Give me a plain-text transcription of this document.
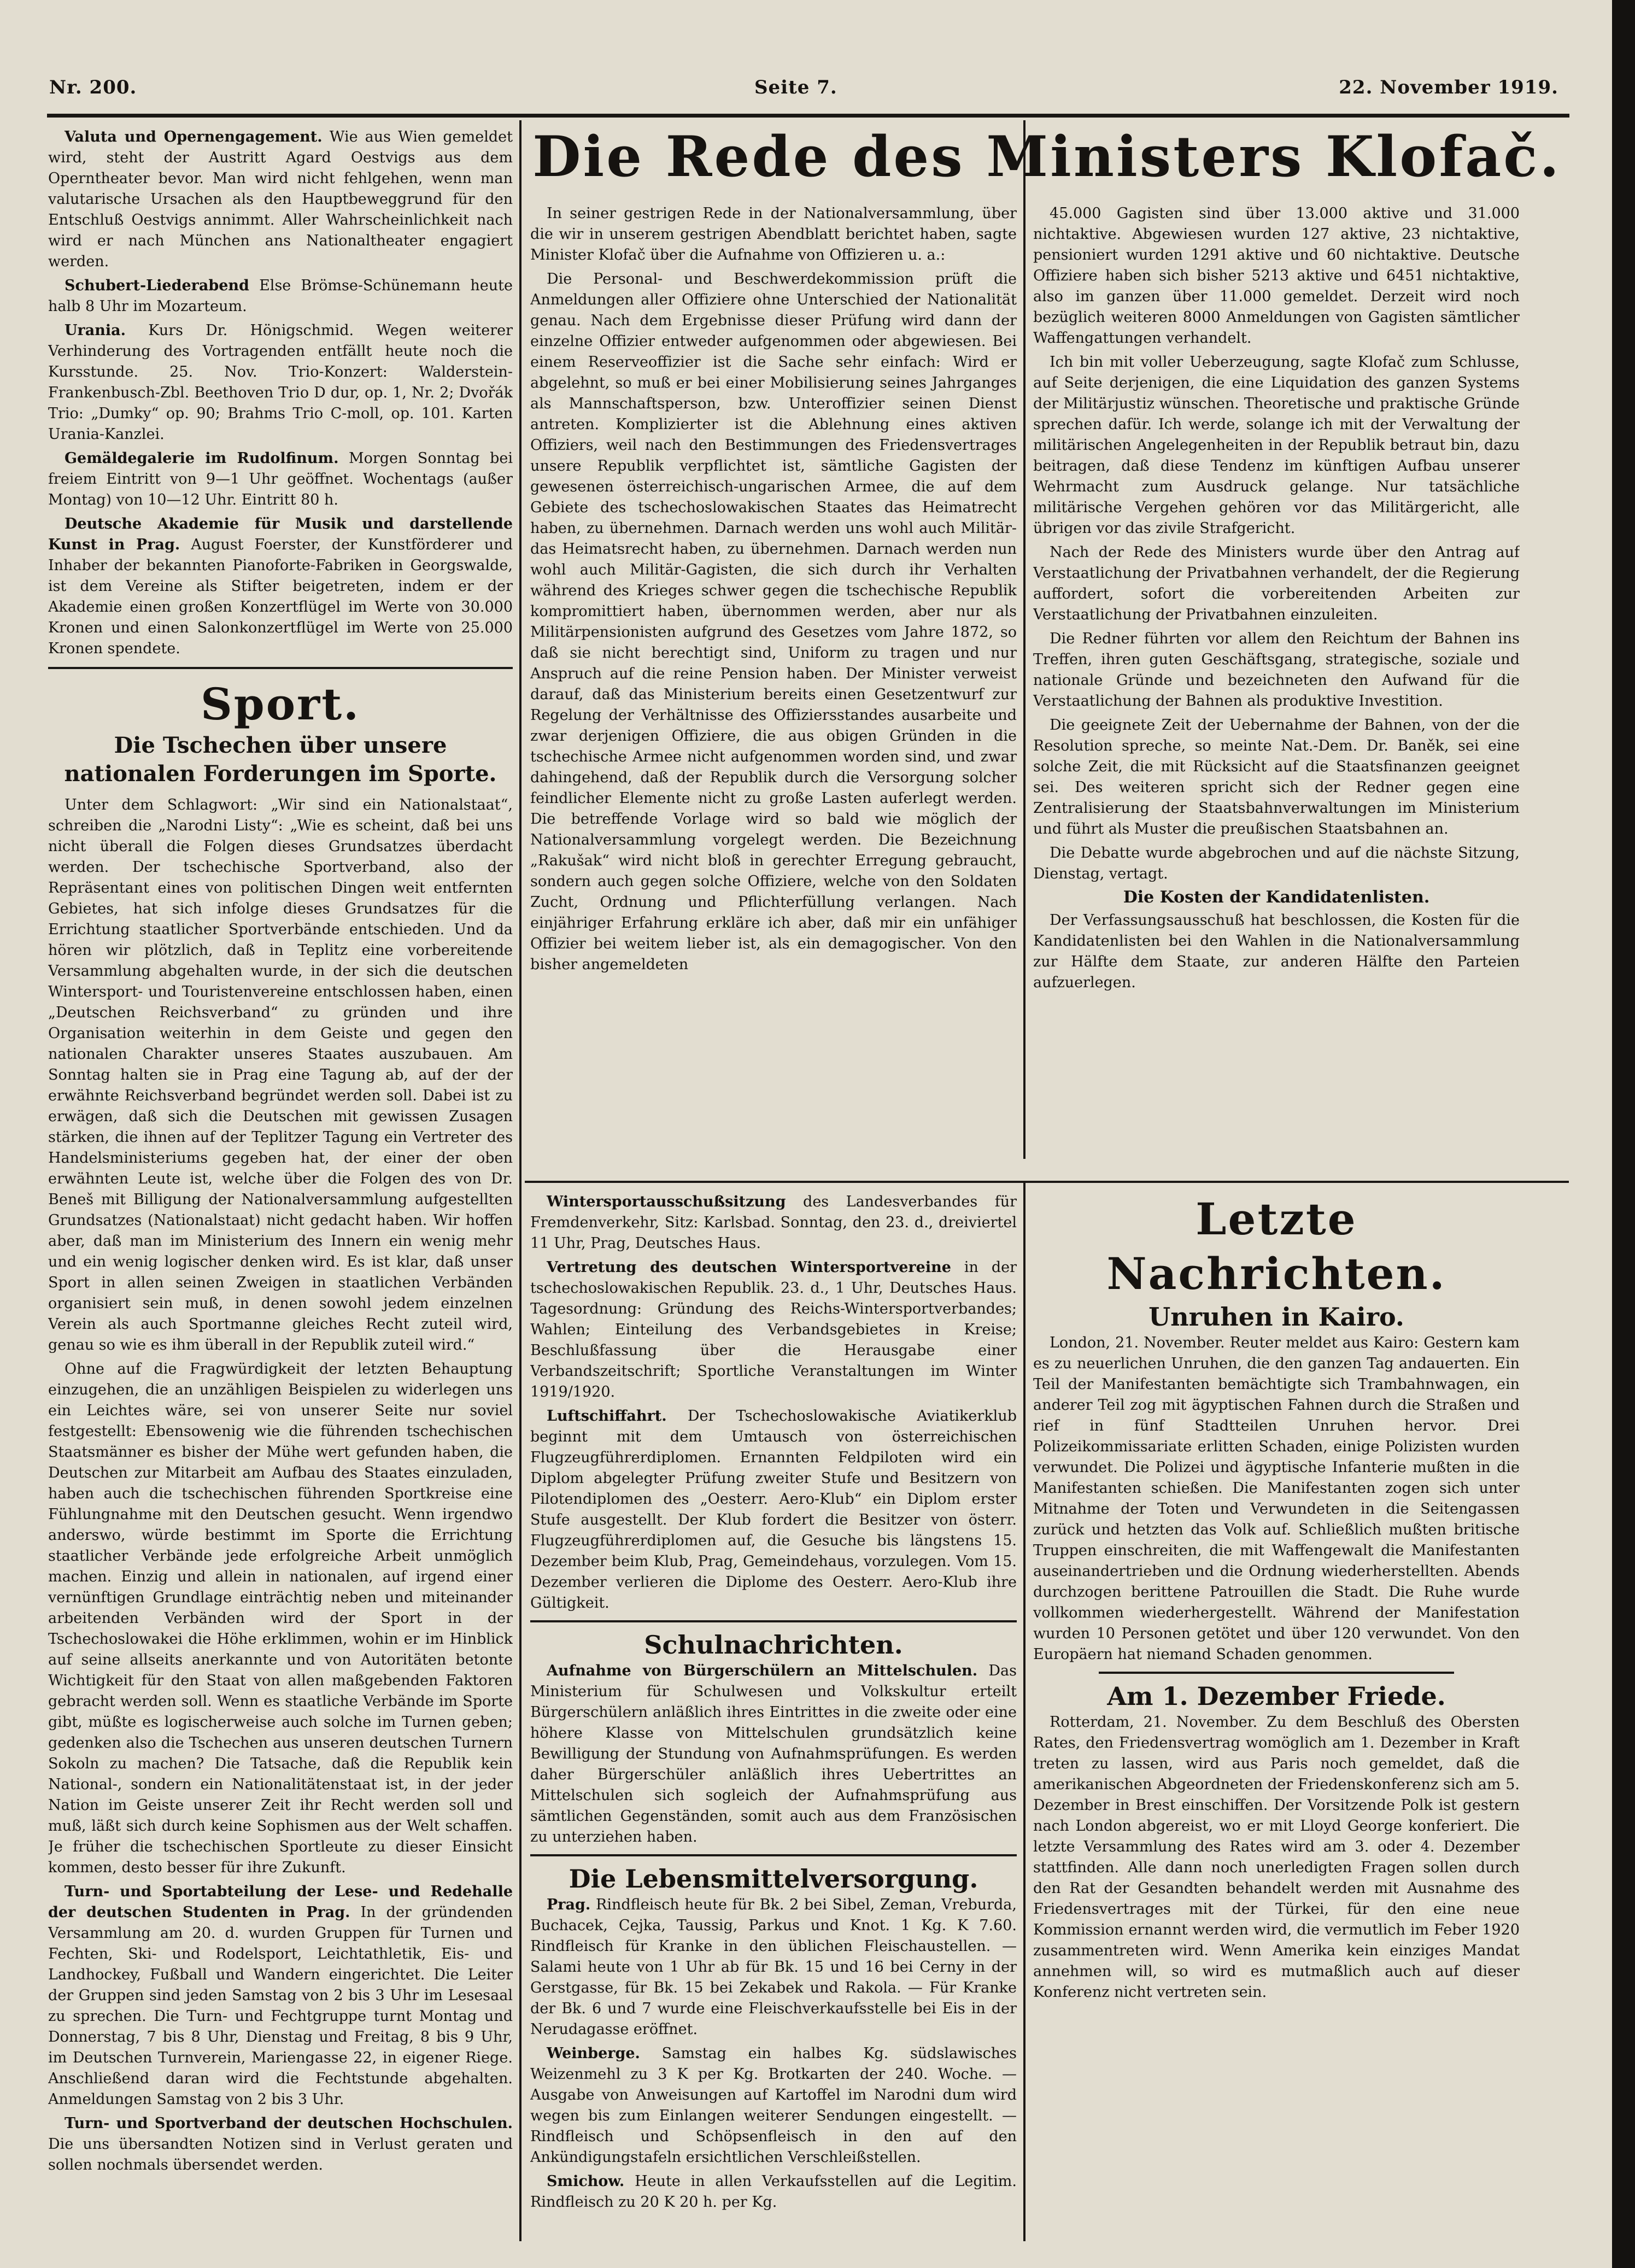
Nr. 200.	Seite 7.	22. November 1919.

Valuta und Opernengagement. Wie aus Wien gemeldet wird, steht der Austritt Agard Oestvigs aus dem Operntheater bevor. Man wird nicht fehlgehen, wenn man valutarische Ursachen als den Hauptbeweggrund für den Entschluß Oestvigs annimmt. Aller Wahrscheinlichkeit nach wird er nach München ans Nationaltheater engagiert werden.

Schubert-Liederabend Else Brömse-Schünemann heute halb 8 Uhr im Mozarteum.

Urania. Kurs Dr. Hönigschmid. Wegen weiterer Verhinderung des Vortragenden entfällt heute noch die Kursstunde. 25. Nov. Trio-Konzert: Walderstein-Frankenbusch-Zbl. Beethoven Trio D dur, op. 1, Nr. 2; Dvořák Trio: „Dumky“ op. 90; Brahms Trio C-moll, op. 101. Karten Urania-Kanzlei.

Gemäldegalerie im Rudolfinum. Morgen Sonntag bei freiem Eintritt von 9—1 Uhr geöffnet. Wochentags (außer Montag) von 10—12 Uhr. Eintritt 80 h.

Deutsche Akademie für Musik und darstellende Kunst in Prag. August Foerster, der Kunstförderer und Inhaber der bekannten Pianoforte-Fabriken in Georgswalde, ist dem Vereine als Stifter beigetreten, indem er der Akademie einen großen Konzertflügel im Werte von 30.000 Kronen und einen Salonkonzertflügel im Werte von 25.000 Kronen spendete.

Sport.
Die Tschechen über unsere nationalen Forderungen im Sporte.

Unter dem Schlagwort: „Wir sind ein Nationalstaat“, schreiben die „Narodni Listy“: „Wie es scheint, daß bei uns nicht überall die Folgen dieses Grundsatzes überdacht werden. Der tschechische Sportverband, also der Repräsentant eines von politischen Dingen weit entfernten Gebietes, hat sich infolge dieses Grundsatzes für die Errichtung staatlicher Sportverbände entschieden. Und da hören wir plötzlich, daß in Teplitz eine vorbereitende Versammlung abgehalten wurde, in der sich die deutschen Wintersport- und Touristenvereine entschlossen haben, einen „Deutschen Reichsverband“ zu gründen und ihre Organisation weiterhin in dem Geiste und gegen den nationalen Charakter unseres Staates auszubauen. Am Sonntag halten sie in Prag eine Tagung ab, auf der der erwähnte Reichsverband begründet werden soll. Dabei ist zu erwägen, daß sich die Deutschen mit gewissen Zusagen stärken, die ihnen auf der Teplitzer Tagung ein Vertreter des Handelsministeriums gegeben hat, der einer der oben erwähnten Leute ist, welche über die Folgen des von Dr. Beneš mit Billigung der Nationalversammlung aufgestellten Grundsatzes (Nationalstaat) nicht gedacht haben. Wir hoffen aber, daß man im Ministerium des Innern ein wenig mehr und ein wenig logischer denken wird. Es ist klar, daß unser Sport in allen seinen Zweigen in staatlichen Verbänden organisiert sein muß, in denen sowohl jedem einzelnen Verein als auch Sportmanne gleiches Recht zuteil wird, genau so wie es ihm überall in der Republik zuteil wird.“

Ohne auf die Fragwürdigkeit der letzten Behauptung einzugehen, die an unzähligen Beispielen zu widerlegen uns ein Leichtes wäre, sei von unserer Seite nur soviel festgestellt: Ebensowenig wie die führenden tschechischen Staatsmänner es bisher der Mühe wert gefunden haben, die Deutschen zur Mitarbeit am Aufbau des Staates einzuladen, haben auch die tschechischen führenden Sportkreise eine Fühlungnahme mit den Deutschen gesucht. Wenn irgendwo anderswo, würde bestimmt im Sporte die Errichtung staatlicher Verbände jede erfolgreiche Arbeit unmöglich machen. Einzig und allein in nationalen, auf irgend einer vernünftigen Grundlage einträchtig neben und miteinander arbeitenden Verbänden wird der Sport in der Tschechoslowakei die Höhe erklimmen, wohin er im Hinblick auf seine allseits anerkannte und von Autoritäten betonte Wichtigkeit für den Staat von allen maßgebenden Faktoren gebracht werden soll. Wenn es staatliche Verbände im Sporte gibt, müßte es logischerweise auch solche im Turnen geben; gedenken also die Tschechen aus unseren deutschen Turnern Sokoln zu machen? Die Tatsache, daß die Republik kein National-, sondern ein Nationalitätenstaat ist, in der jeder Nation im Geiste unserer Zeit ihr Recht werden soll und muß, läßt sich durch keine Sophismen aus der Welt schaffen. Je früher die tschechischen Sportleute zu dieser Einsicht kommen, desto besser für ihre Zukunft.

Turn- und Sportabteilung der Lese- und Redehalle der deutschen Studenten in Prag. In der gründenden Versammlung am 20. d. wurden Gruppen für Turnen und Fechten, Ski- und Rodelsport, Leichtathletik, Eis- und Landhockey, Fußball und Wandern eingerichtet. Die Leiter der Gruppen sind jeden Samstag von 2 bis 3 Uhr im Lesesaal zu sprechen. Die Turn- und Fechtgruppe turnt Montag und Donnerstag, 7 bis 8 Uhr, Dienstag und Freitag, 8 bis 9 Uhr, im Deutschen Turnverein, Mariengasse 22, in eigener Riege. Anschließend daran wird die Fechtstunde abgehalten. Anmeldungen Samstag von 2 bis 3 Uhr.

Turn- und Sportverband der deutschen Hochschulen. Die uns übersandten Notizen sind in Verlust geraten und sollen nochmals übersendet werden.

Die Rede des Ministers Klofač.

In seiner gestrigen Rede in der Nationalversammlung, über die wir in unserem gestrigen Abendblatt berichtet haben, sagte Minister Klofač über die Aufnahme von Offizieren u. a.:

Die Personal- und Beschwerdekommission prüft die Anmeldungen aller Offiziere ohne Unterschied der Nationalität genau. Nach dem Ergebnisse dieser Prüfung wird dann der einzelne Offizier entweder aufgenommen oder abgewiesen. Bei einem Reserveoffizier ist die Sache sehr einfach: Wird er abgelehnt, so muß er bei einer Mobilisierung seines Jahrganges als Mannschaftsperson, bzw. Unteroffizier seinen Dienst antreten. Komplizierter ist die Ablehnung eines aktiven Offiziers, weil nach den Bestimmungen des Friedensvertrages unsere Republik verpflichtet ist, sämtliche Gagisten der gewesenen österreichisch-ungarischen Armee, die auf dem Gebiete des tschechoslowakischen Staates das Heimatrecht haben, zu übernehmen. Darnach werden uns wohl auch Militär- das Heimatsrecht haben, zu übernehmen. Darnach werden nun wohl auch Militär-Gagisten, die sich durch ihr Verhalten während des Krieges schwer gegen die tschechische Republik kompromittiert haben, übernommen werden, aber nur als Militärpensionisten aufgrund des Gesetzes vom Jahre 1872, so daß sie nicht berechtigt sind, Uniform zu tragen und nur Anspruch auf die reine Pension haben. Der Minister verweist darauf, daß das Ministerium bereits einen Gesetzentwurf zur Regelung der Verhältnisse des Offiziersstandes ausarbeite und zwar derjenigen Offiziere, die aus obigen Gründen in die tschechische Armee nicht aufgenommen worden sind, und zwar dahingehend, daß der Republik durch die Versorgung solcher feindlicher Elemente nicht zu große Lasten auferlegt werden. Die betreffende Vorlage wird so bald wie möglich der Nationalversammlung vorgelegt werden. Die Bezeichnung „Rakušak“ wird nicht bloß in gerechter Erregung gebraucht, sondern auch gegen solche Offiziere, welche von den Soldaten Zucht, Ordnung und Pflichterfüllung verlangen. Nach einjähriger Erfahrung erkläre ich aber, daß mir ein unfähiger Offizier bei weitem lieber ist, als ein demagogischer. Von den bisher angemeldeten

45.000 Gagisten sind über 13.000 aktive und 31.000 nichtaktive. Abgewiesen wurden 127 aktive, 23 nichtaktive, pensioniert wurden 1291 aktive und 60 nichtaktive. Deutsche Offiziere haben sich bisher 5213 aktive und 6451 nichtaktive, also im ganzen über 11.000 gemeldet. Derzeit wird noch bezüglich weiteren 8000 Anmeldungen von Gagisten sämtlicher Waffengattungen verhandelt.

Ich bin mit voller Ueberzeugung, sagte Klofač zum Schlusse, auf Seite derjenigen, die eine Liquidation des ganzen Systems der Militärjustiz wünschen. Theoretische und praktische Gründe sprechen dafür. Ich werde, solange ich mit der Verwaltung der militärischen Angelegenheiten in der Republik betraut bin, dazu beitragen, daß diese Tendenz im künftigen Aufbau unserer Wehrmacht zum Ausdruck gelange. Nur tatsächliche militärische Vergehen gehören vor das Militärgericht, alle übrigen vor das zivile Strafgericht.

Nach der Rede des Ministers wurde über den Antrag auf Verstaatlichung der Privatbahnen verhandelt, der die Regierung auffordert, sofort die vorbereitenden Arbeiten zur Verstaatlichung der Privatbahnen einzuleiten.

Die Redner führten vor allem den Reichtum der Bahnen ins Treffen, ihren guten Geschäftsgang, strategische, soziale und nationale Gründe und bezeichneten den Aufwand für die Verstaatlichung der Bahnen als produktive Investition.

Die geeignete Zeit der Uebernahme der Bahnen, von der die Resolution spreche, so meinte Nat.-Dem. Dr. Baněk, sei eine solche Zeit, die mit Rücksicht auf die Staatsfinanzen geeignet sei. Des weiteren spricht sich der Redner gegen eine Zentralisierung der Staatsbahnverwaltungen im Ministerium und führt als Muster die preußischen Staatsbahnen an.

Die Debatte wurde abgebrochen und auf die nächste Sitzung, Dienstag, vertagt.

Die Kosten der Kandidatenlisten.

Der Verfassungsausschuß hat beschlossen, die Kosten für die Kandidatenlisten bei den Wahlen in die Nationalversammlung zur Hälfte dem Staate, zur anderen Hälfte den Parteien aufzuerlegen.

Wintersportausschußsitzung des Landesverbandes für Fremdenverkehr, Sitz: Karlsbad. Sonntag, den 23. d., dreiviertel 11 Uhr, Prag, Deutsches Haus.

Vertretung des deutschen Wintersportvereine in der tschechoslowakischen Republik. 23. d., 1 Uhr, Deutsches Haus. Tagesordnung: Gründung des Reichs-Wintersportverbandes; Wahlen; Einteilung des Verbandsgebietes in Kreise; Beschlußfassung über die Herausgabe einer Verbandszeitschrift; Sportliche Veranstaltungen im Winter 1919/1920.

Luftschiffahrt. Der Tschechoslowakische Aviatikerklub beginnt mit dem Umtausch von österreichischen Flugzeugführerdiplomen. Ernannten Feldpiloten wird ein Diplom abgelegter Prüfung zweiter Stufe und Besitzern von Pilotendiplomen des „Oesterr. Aero-Klub“ ein Diplom erster Stufe ausgestellt. Der Klub fordert die Besitzer von österr. Flugzeugführerdiplomen auf, die Gesuche bis längstens 15. Dezember beim Klub, Prag, Gemeindehaus, vorzulegen. Vom 15. Dezember verlieren die Diplome des Oesterr. Aero-Klub ihre Gültigkeit.

Schulnachrichten.

Aufnahme von Bürgerschülern an Mittelschulen. Das Ministerium für Schulwesen und Volkskultur erteilt Bürgerschülern anläßlich ihres Eintrittes in die zweite oder eine höhere Klasse von Mittelschulen grundsätzlich keine Bewilligung der Stundung von Aufnahmsprüfungen. Es werden daher Bürgerschüler anläßlich ihres Uebertrittes an Mittelschulen sich sogleich der Aufnahmsprüfung aus sämtlichen Gegenständen, somit auch aus dem Französischen zu unterziehen haben.

Die Lebensmittelversorgung.

Prag. Rindfleisch heute für Bk. 2 bei Sibel, Zeman, Vreburda, Buchacek, Cejka, Taussig, Parkus und Knot. 1 Kg. K 7.60. Rindfleisch für Kranke in den üblichen Fleischaustellen. — Salami heute von 1 Uhr ab für Bk. 15 und 16 bei Cerny in der Gerstgasse, für Bk. 15 bei Zekabek und Rakola. — Für Kranke der Bk. 6 und 7 wurde eine Fleischverkaufsstelle bei Eis in der Nerudagasse eröffnet.

Weinberge. Samstag ein halbes Kg. südslawisches Weizenmehl zu 3 K per Kg. Brotkarten der 240. Woche. — Ausgabe von Anweisungen auf Kartoffel im Narodni dum wird wegen bis zum Einlangen weiterer Sendungen eingestellt. — Rindfleisch und Schöpsenfleisch in den auf den Ankündigungstafeln ersichtlichen Verschleißstellen.

Smichow. Heute in allen Verkaufsstellen auf die Legitim. Rindfleisch zu 20 K 20 h. per Kg.

Letzte Nachrichten.
Unruhen in Kairo.

London, 21. November. Reuter meldet aus Kairo: Gestern kam es zu neuerlichen Unruhen, die den ganzen Tag andauerten. Ein Teil der Manifestanten bemächtigte sich Trambahnwagen, ein anderer Teil zog mit ägyptischen Fahnen durch die Straßen und rief in fünf Stadtteilen Unruhen hervor. Drei Polizeikommissariate erlitten Schaden, einige Polizisten wurden verwundet. Die Polizei und ägyptische Infanterie mußten in die Manifestanten schießen. Die Manifestanten zogen sich unter Mitnahme der Toten und Verwundeten in die Seitengassen zurück und hetzten das Volk auf. Schließlich mußten britische Truppen einschreiten, die mit Waffengewalt die Manifestanten auseinandertrieben und die Ordnung wiederherstellten. Abends durchzogen berittene Patrouillen die Stadt. Die Ruhe wurde vollkommen wiederhergestellt. Während der Manifestation wurden 10 Personen getötet und über 120 verwundet. Von den Europäern hat niemand Schaden genommen.

Am 1. Dezember Friede.

Rotterdam, 21. November. Zu dem Beschluß des Obersten Rates, den Friedensvertrag womöglich am 1. Dezember in Kraft treten zu lassen, wird aus Paris noch gemeldet, daß die amerikanischen Abgeordneten der Friedenskonferenz sich am 5. Dezember in Brest einschiffen. Der Vorsitzende Polk ist gestern nach London abgereist, wo er mit Lloyd George konferiert. Die letzte Versammlung des Rates wird am 3. oder 4. Dezember stattfinden. Alle dann noch unerledigten Fragen sollen durch den Rat der Gesandten behandelt werden mit Ausnahme des Friedensvertrages mit der Türkei, für den eine neue Kommission ernannt werden wird, die vermutlich im Feber 1920 zusammentreten wird. Wenn Amerika kein einziges Mandat annehmen will, so wird es mutmaßlich auch auf dieser Konferenz nicht vertreten sein.
